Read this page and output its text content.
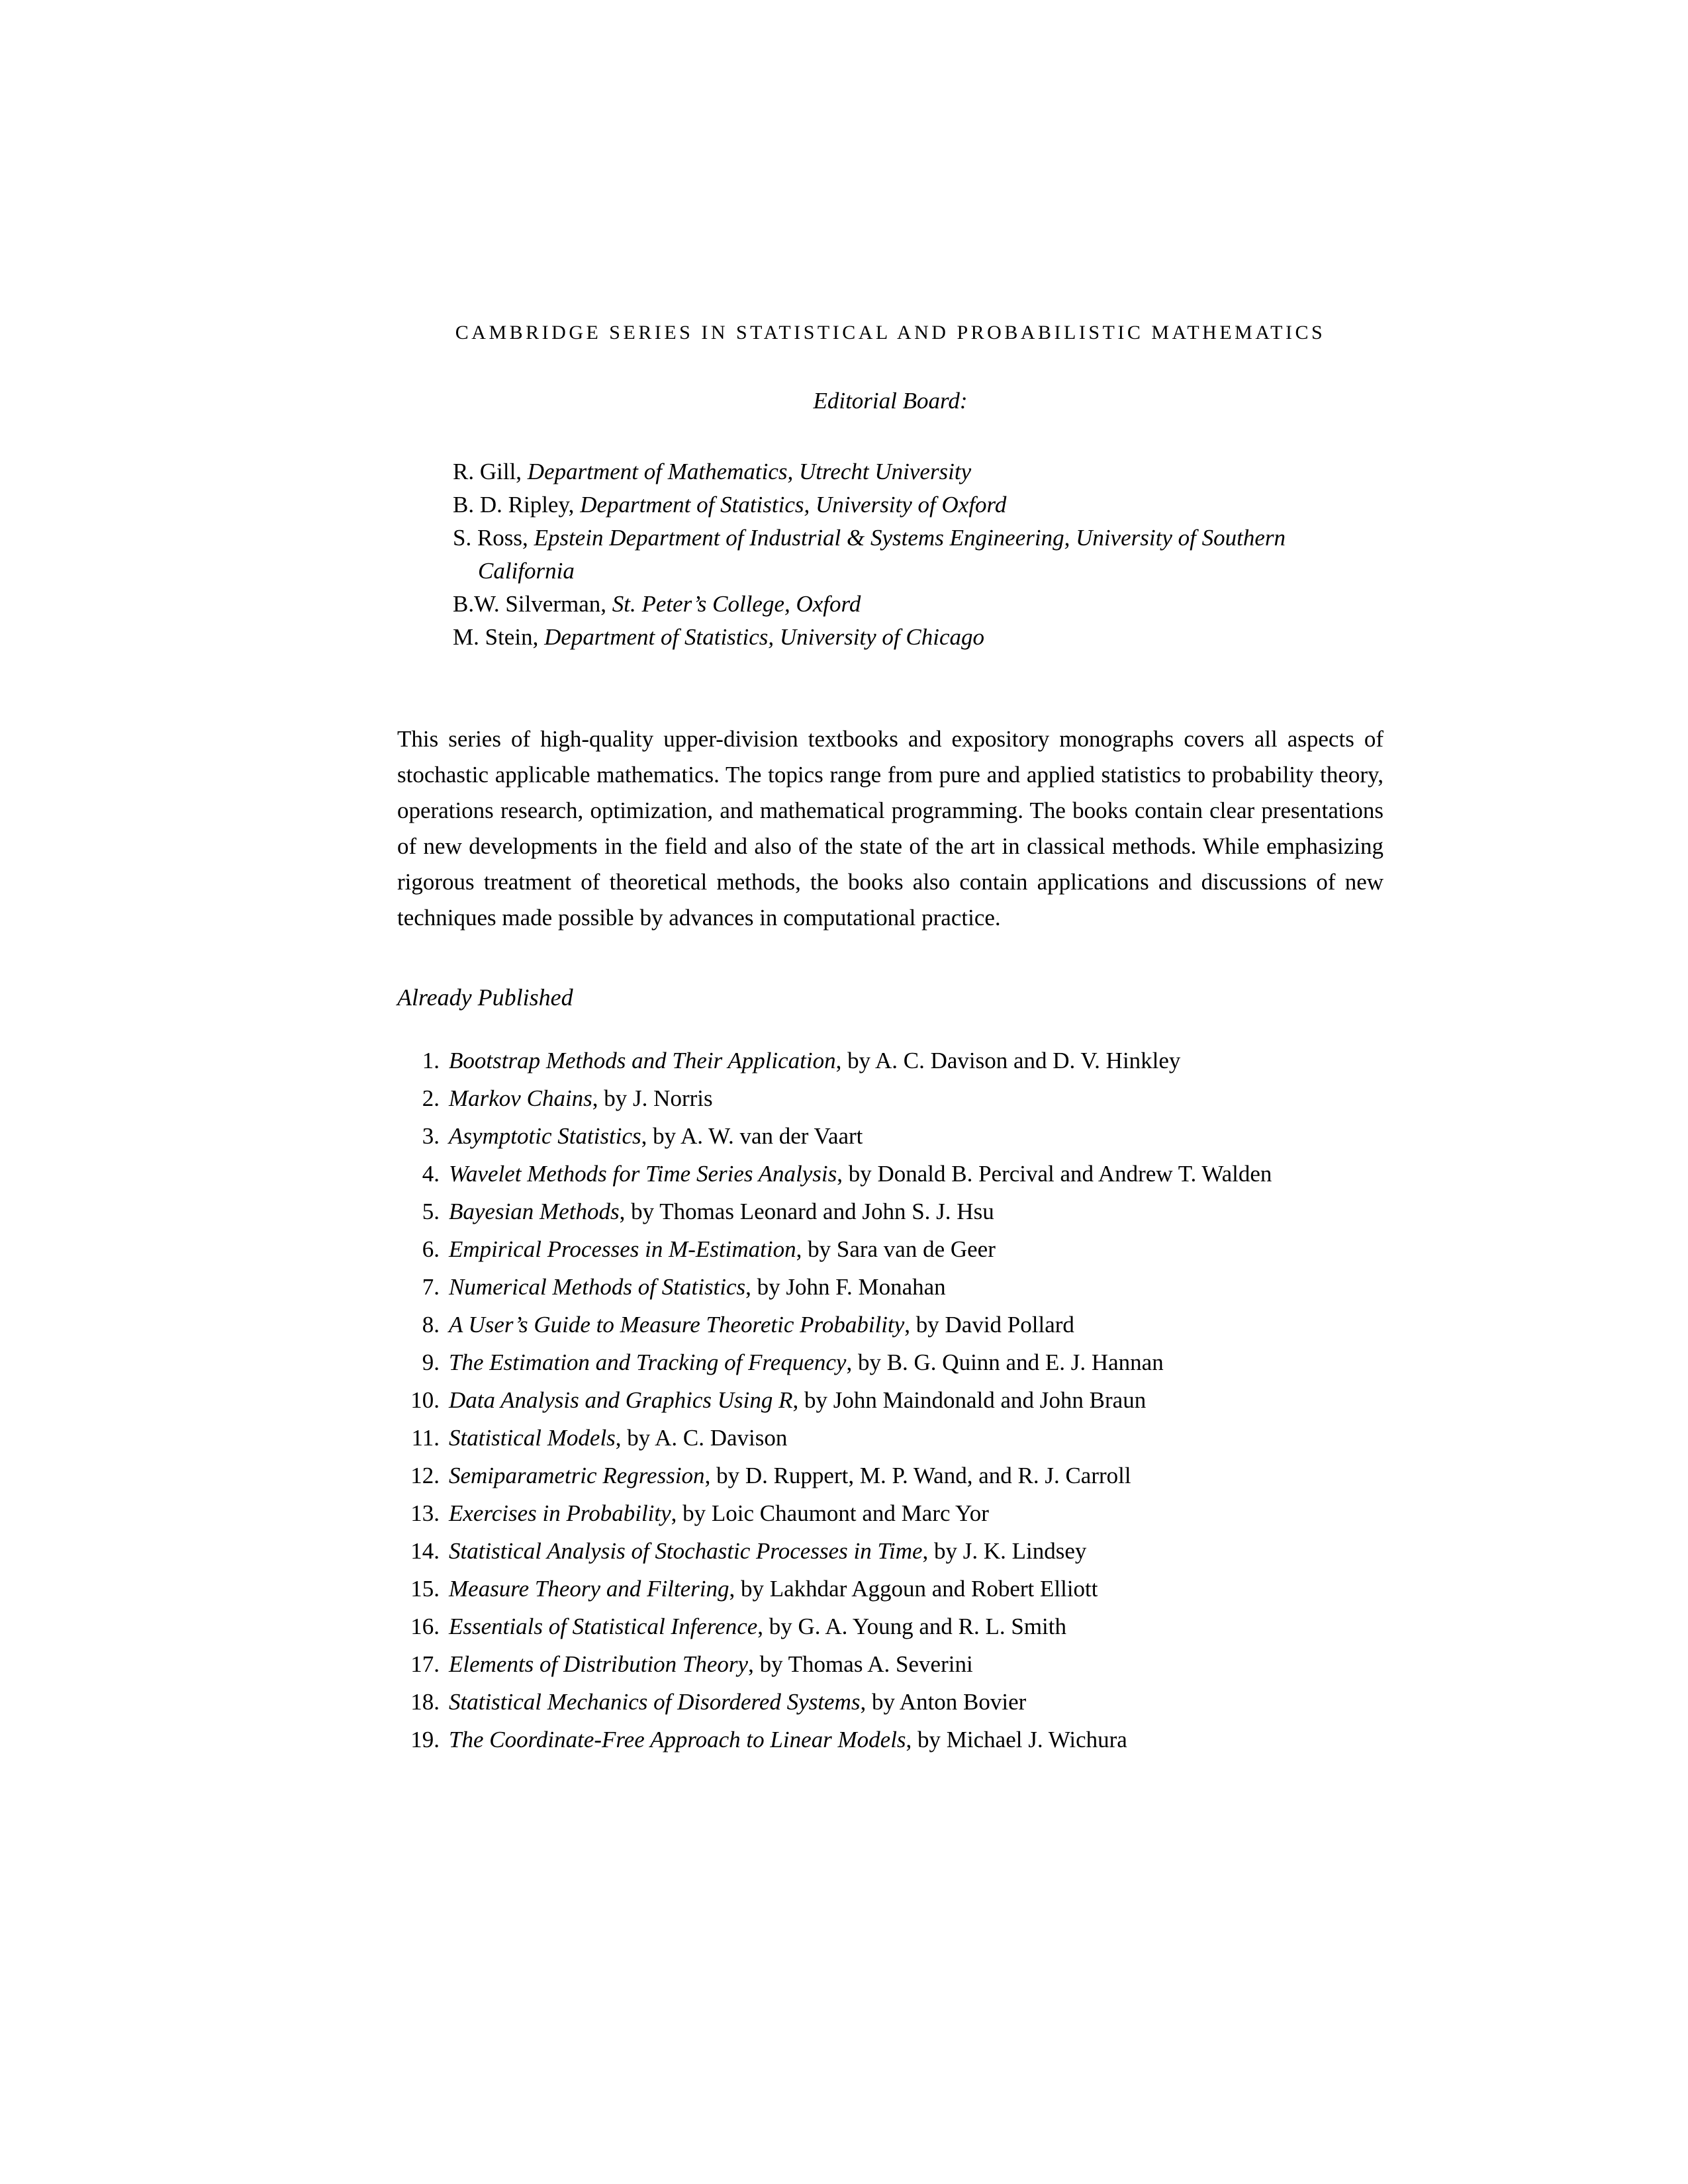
CAMBRIDGE SERIES IN STATISTICAL AND PROBABILISTIC MATHEMATICS
Editorial Board:
R. Gill, Department of Mathematics, Utrecht University
B. D. Ripley, Department of Statistics, University of Oxford
S. Ross, Epstein Department of Industrial & Systems Engineering, University of Southern California
B.W. Silverman, St. Peter’s College, Oxford
M. Stein, Department of Statistics, University of Chicago

This series of high-quality upper-division textbooks and expository monographs covers all aspects of stochastic applicable mathematics. The topics range from pure and applied statistics to probability theory, operations research, optimization, and mathematical programming. The books contain clear presentations of new developments in the field and also of the state of the art in classical methods. While emphasizing rigorous treatment of theoretical methods, the books also contain applications and discussions of new techniques made possible by advances in computational practice.

Already Published
1. Bootstrap Methods and Their Application, by A. C. Davison and D. V. Hinkley
2. Markov Chains, by J. Norris
3. Asymptotic Statistics, by A. W. van der Vaart
4. Wavelet Methods for Time Series Analysis, by Donald B. Percival and Andrew T. Walden
5. Bayesian Methods, by Thomas Leonard and John S. J. Hsu
6. Empirical Processes in M-Estimation, by Sara van de Geer
7. Numerical Methods of Statistics, by John F. Monahan
8. A User’s Guide to Measure Theoretic Probability, by David Pollard
9. The Estimation and Tracking of Frequency, by B. G. Quinn and E. J. Hannan
10. Data Analysis and Graphics Using R, by John Maindonald and John Braun
11. Statistical Models, by A. C. Davison
12. Semiparametric Regression, by D. Ruppert, M. P. Wand, and R. J. Carroll
13. Exercises in Probability, by Loic Chaumont and Marc Yor
14. Statistical Analysis of Stochastic Processes in Time, by J. K. Lindsey
15. Measure Theory and Filtering, by Lakhdar Aggoun and Robert Elliott
16. Essentials of Statistical Inference, by G. A. Young and R. L. Smith
17. Elements of Distribution Theory, by Thomas A. Severini
18. Statistical Mechanics of Disordered Systems, by Anton Bovier
19. The Coordinate-Free Approach to Linear Models, by Michael J. Wichura
